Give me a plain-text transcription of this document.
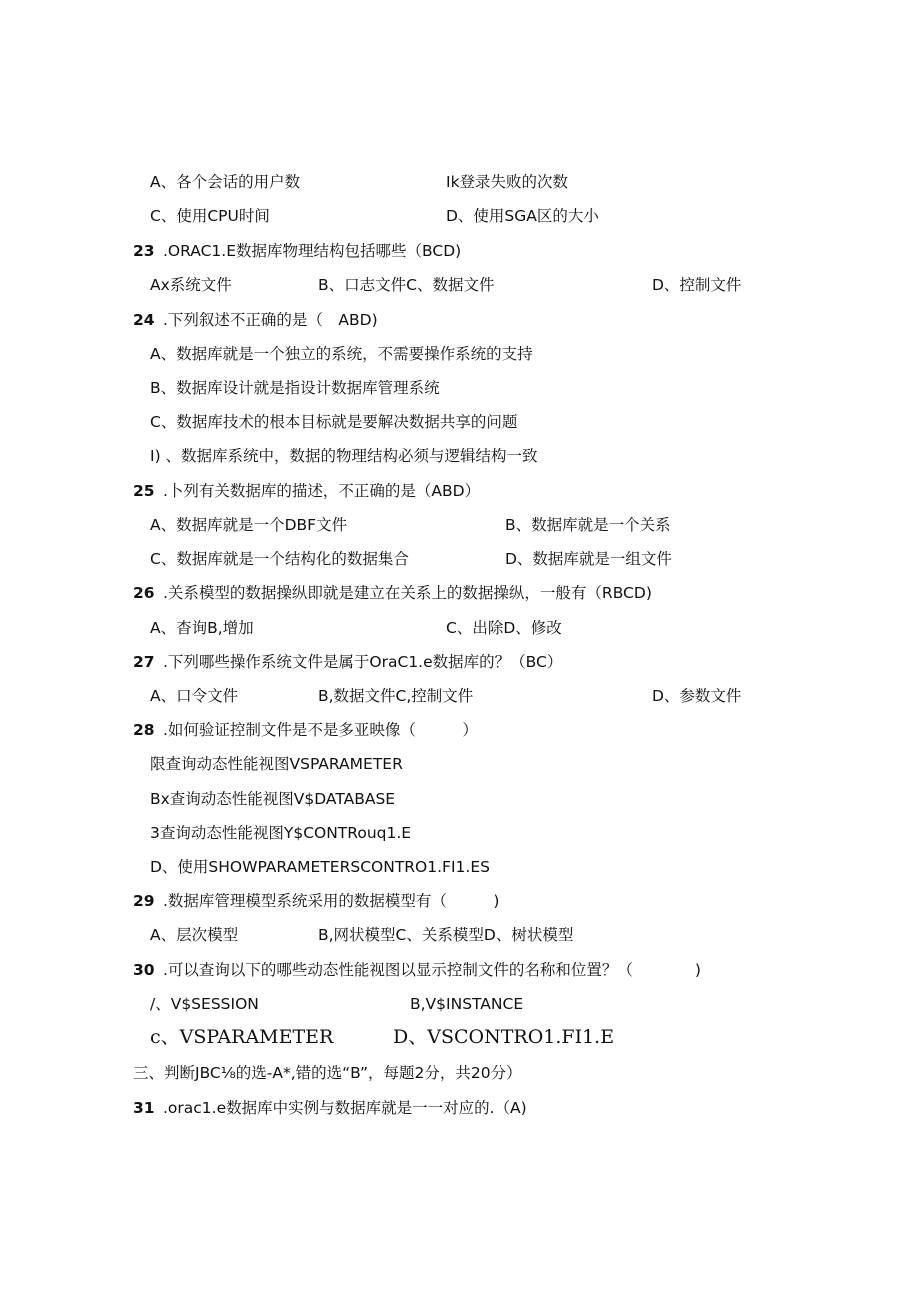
A、各个会话的用户数	Ik登录失败的次数
C、使用CPU时间	D、使用SGA区的大小
23 .ORAC1.E数据库物理结构包括哪些（BCD)
Ax系统文件	B、口志文件C、数据文件	D、控制文件
24 .下列叙述不正确的是（　ABD)
A、数据库就是一个独立的系统，不需要操作系统的支持
B、数据库设计就是指设计数据库管理系统
C、数据库技术的根本目标就是要解决数据共享的问题
I) 、数据库系统中，数据的物理结构必须与逻辑结构一致
25 .卜列有关数据库的描述，不正确的是（ABD）
A、数据库就是一个DBF文件	B、数据库就是一个关系
C、数据库就是一个结构化的数据集合	D、数据库就是一组文件
26 .关系模型的数据操纵即就是建立在关系上的数据操纵，一般有（RBCD)
A、杳询B,增加	C、出除D、修改
27 .下列哪些操作系统文件是属于OraC1.e数据库的？（BC）
A、口令文件	B,数据文件C,控制文件	D、参数文件
28 .如何验证控制文件是不是多亚映像（　　　）
限查询动态性能视图VSPARAMETER
Bx查询动态性能视图V$DATABASE
3查询动态性能视图Y$CONTRouq1.E
D、使用SHOWPARAMETERSCONTRO1.FI1.ES
29 .数据库管理模型系统采用的数据模型有（　　　)
A、层次模型	B,网状模型C、关系模型D、树状模型
30 .可以查询以下的哪些动态性能视图以显示控制文件的名称和位置？（　　　　)
/、V$SESSION	B,V$INSTANCE
c、VSPARAMETER	D、VSCONTRO1.FI1.E
三、判断JBC⅛的选-A*,错的选“B”，每题2分，共20分）
31 .orac1.e数据库中实例与数据库就是一一对应的.（A)
